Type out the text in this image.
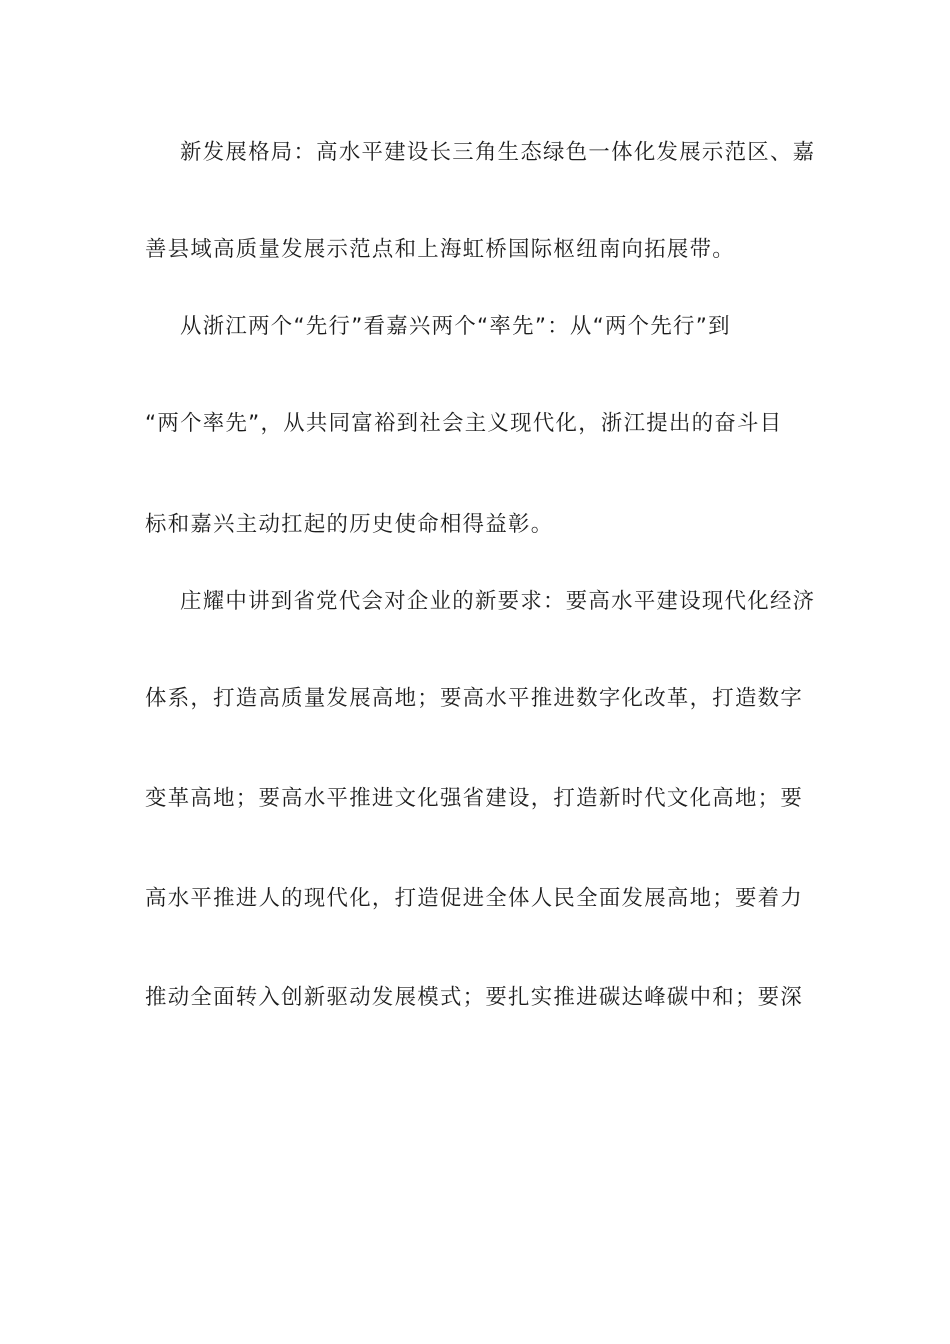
新发展格局：高水平建设长三角生态绿色一体化发展示范区、嘉
善县域高质量发展示范点和上海虹桥国际枢纽南向拓展带。
从浙江两个“先行”看嘉兴两个“率先”：从“两个先行”到
“两个率先”，从共同富裕到社会主义现代化，浙江提出的奋斗目
标和嘉兴主动扛起的历史使命相得益彰。
庄耀中讲到省党代会对企业的新要求：要高水平建设现代化经济
体系，打造高质量发展高地；要高水平推进数字化改革，打造数字
变革高地；要高水平推进文化强省建设，打造新时代文化高地；要
高水平推进人的现代化，打造促进全体人民全面发展高地；要着力
推动全面转入创新驱动发展模式；要扎实推进碳达峰碳中和；要深
